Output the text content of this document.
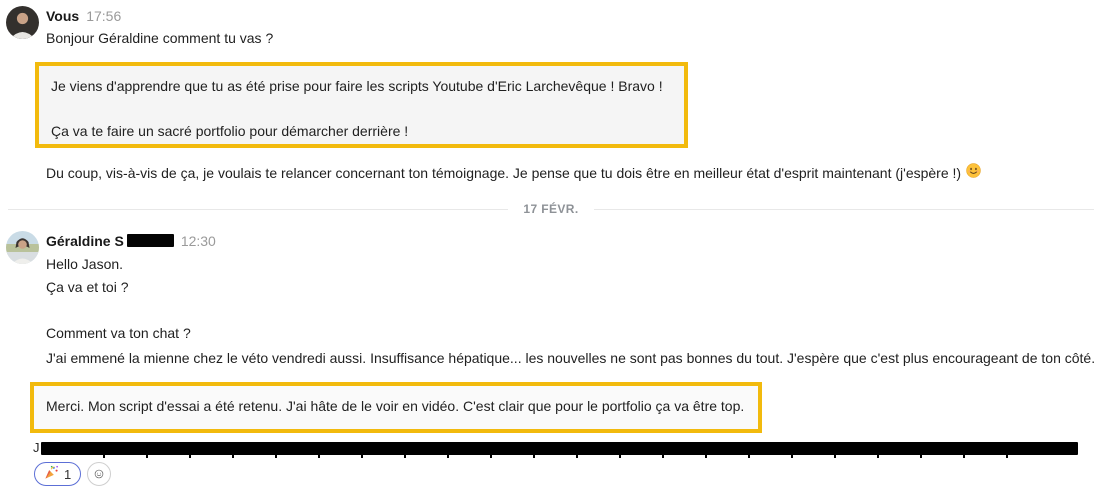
Vous 17:56
Bonjour Géraldine comment tu vas ?

Je viens d'apprendre que tu as été prise pour faire les scripts Youtube d'Eric Larchevêque ! Bravo !

Ça va te faire un sacré portfolio pour démarcher derrière !

Du coup, vis-à-vis de ça, je voulais te relancer concernant ton témoignage. Je pense que tu dois être en meilleur état d'esprit maintenant (j'espère !)
17 FÉVR.
Géraldine S	12:30
Hello Jason.
Ça va et toi ?
Comment va ton chat ?
J'ai emmené la mienne chez le véto vendredi aussi. Insuffisance hépatique... les nouvelles ne sont pas bonnes du tout. J'espère que c'est plus encourageant de ton côté.
Merci. Mon script d'essai a été retenu. J'ai hâte de le voir en vidéo. C'est clair que pour le portfolio ça va être top.
J
1
